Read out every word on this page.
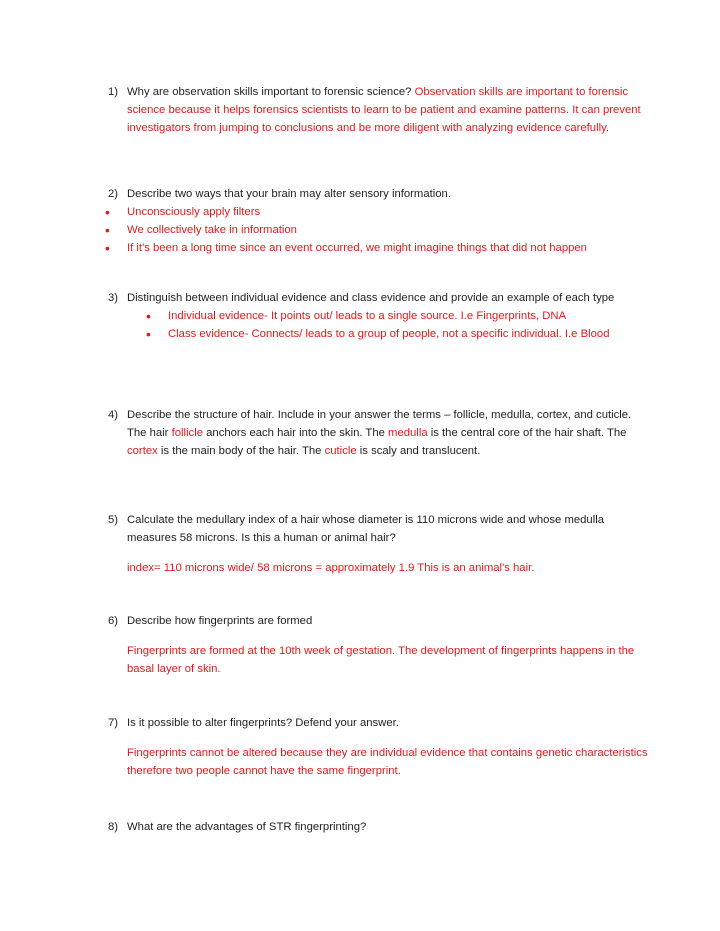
1) Why are observation skills important to forensic science? Observation skills are important to forensic science because it helps forensics scientists to learn to be patient and examine patterns. It can prevent investigators from jumping to conclusions and be more diligent with analyzing evidence carefully.
2) Describe two ways that your brain may alter sensory information.
•	Unconsciously apply filters
•	We collectively take in information
•	If it's been a long time since an event occurred, we might imagine things that did not happen
3) Distinguish between individual evidence and class evidence and provide an example of each type
•	Individual evidence- It points out/ leads to a single source. I.e Fingerprints, DNA
•	Class evidence- Connects/ leads to a group of people, not a specific individual. I.e Blood
4) Describe the structure of hair. Include in your answer the terms – follicle, medulla, cortex, and cuticle.
The hair follicle anchors each hair into the skin. The medulla is the central core of the hair shaft. The cortex is the main body of the hair. The cuticle is scaly and translucent.
5) Calculate the medullary index of a hair whose diameter is 110 microns wide and whose medulla measures 58 microns. Is this a human or animal hair?
index= 110 microns wide/ 58 microns = approximately 1.9 This is an animal's hair.
6) Describe how fingerprints are formed
Fingerprints are formed at the 10th week of gestation. The development of fingerprints happens in the basal layer of skin.
7) Is it possible to alter fingerprints? Defend your answer.
Fingerprints cannot be altered because they are individual evidence that contains genetic characteristics therefore two people cannot have the same fingerprint.
8) What are the advantages of STR fingerprinting?
